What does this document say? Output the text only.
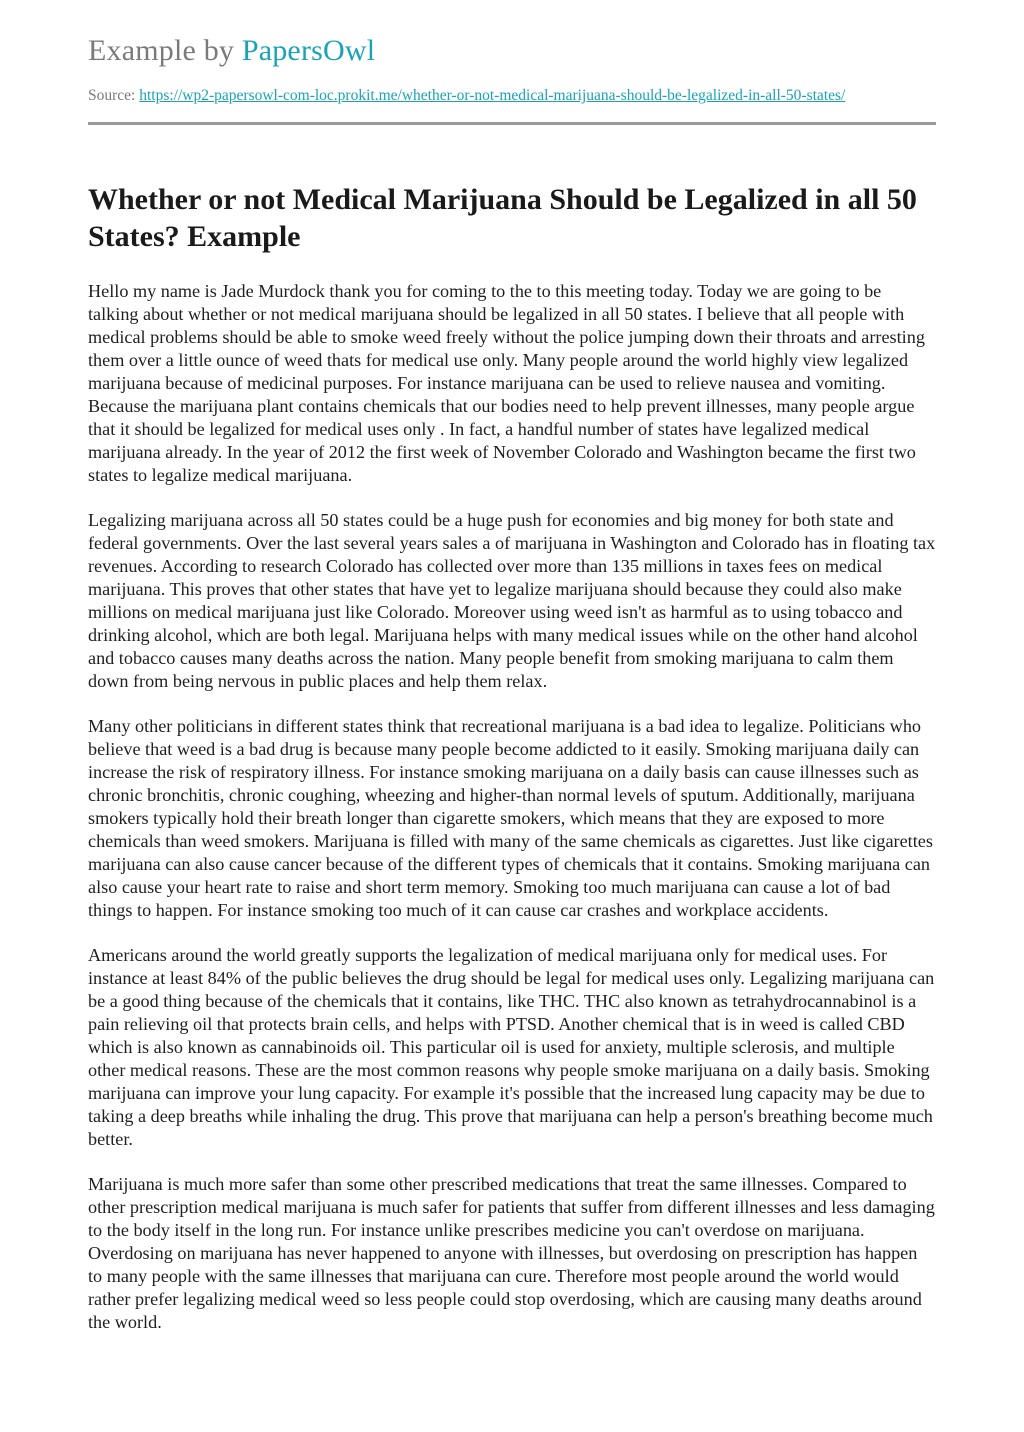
Example by PapersOwl
Source: https://wp2-papersowl-com-loc.prokit.me/whether-or-not-medical-marijuana-should-be-legalized-in-all-50-states/
Whether or not Medical Marijuana Should be Legalized in all 50 States? Example

Hello my name is Jade Murdock thank you for coming to the to this meeting today. Today we are going to be talking about whether or not medical marijuana should be legalized in all 50 states. I believe that all people with medical problems should be able to smoke weed freely without the police jumping down their throats and arresting them over a little ounce of weed thats for medical use only. Many people around the world highly view legalized marijuana because of medicinal purposes. For instance marijuana can be used to relieve nausea and vomiting. Because the marijuana plant contains chemicals that our bodies need to help prevent illnesses, many people argue that it should be legalized for medical uses only . In fact, a handful number of states have legalized medical marijuana already. In the year of 2012 the first week of November Colorado and Washington became the first two states to legalize medical marijuana.

Legalizing marijuana across all 50 states could be a huge push for economies and big money for both state and federal governments. Over the last several years sales a of marijuana in Washington and Colorado has in floating tax revenues. According to research Colorado has collected over more than 135 millions in taxes fees on medical marijuana. This proves that other states that have yet to legalize marijuana should because they could also make millions on medical marijuana just like Colorado. Moreover using weed isn't as harmful as to using tobacco and drinking alcohol, which are both legal. Marijuana helps with many medical issues while on the other hand alcohol and tobacco causes many deaths across the nation. Many people benefit from smoking marijuana to calm them down from being nervous in public places and help them relax.

Many other politicians in different states think that recreational marijuana is a bad idea to legalize. Politicians who believe that weed is a bad drug is because many people become addicted to it easily. Smoking marijuana daily can increase the risk of respiratory illness. For instance smoking marijuana on a daily basis can cause illnesses such as chronic bronchitis, chronic coughing, wheezing and higher-than normal levels of sputum. Additionally, marijuana smokers typically hold their breath longer than cigarette smokers, which means that they are exposed to more chemicals than weed smokers. Marijuana is filled with many of the same chemicals as cigarettes. Just like cigarettes marijuana can also cause cancer because of the different types of chemicals that it contains. Smoking marijuana can also cause your heart rate to raise and short term memory. Smoking too much marijuana can cause a lot of bad things to happen. For instance smoking too much of it can cause car crashes and workplace accidents.

Americans around the world greatly supports the legalization of medical marijuana only for medical uses. For instance at least 84% of the public believes the drug should be legal for medical uses only. Legalizing marijuana can be a good thing because of the chemicals that it contains, like THC. THC also known as tetrahydrocannabinol is a pain relieving oil that protects brain cells, and helps with PTSD. Another chemical that is in weed is called CBD which is also known as cannabinoids oil. This particular oil is used for anxiety, multiple sclerosis, and multiple other medical reasons. These are the most common reasons why people smoke marijuana on a daily basis. Smoking marijuana can improve your lung capacity. For example it's possible that the increased lung capacity may be due to taking a deep breaths while inhaling the drug. This prove that marijuana can help a person's breathing become much better.

Marijuana is much more safer than some other prescribed medications that treat the same illnesses. Compared to other prescription medical marijuana is much safer for patients that suffer from different illnesses and less damaging to the body itself in the long run. For instance unlike prescribes medicine you can't overdose on marijuana. Overdosing on marijuana has never happened to anyone with illnesses, but overdosing on prescription has happen to many people with the same illnesses that marijuana can cure. Therefore most people around the world would rather prefer legalizing medical weed so less people could stop overdosing, which are causing many deaths around the world.
